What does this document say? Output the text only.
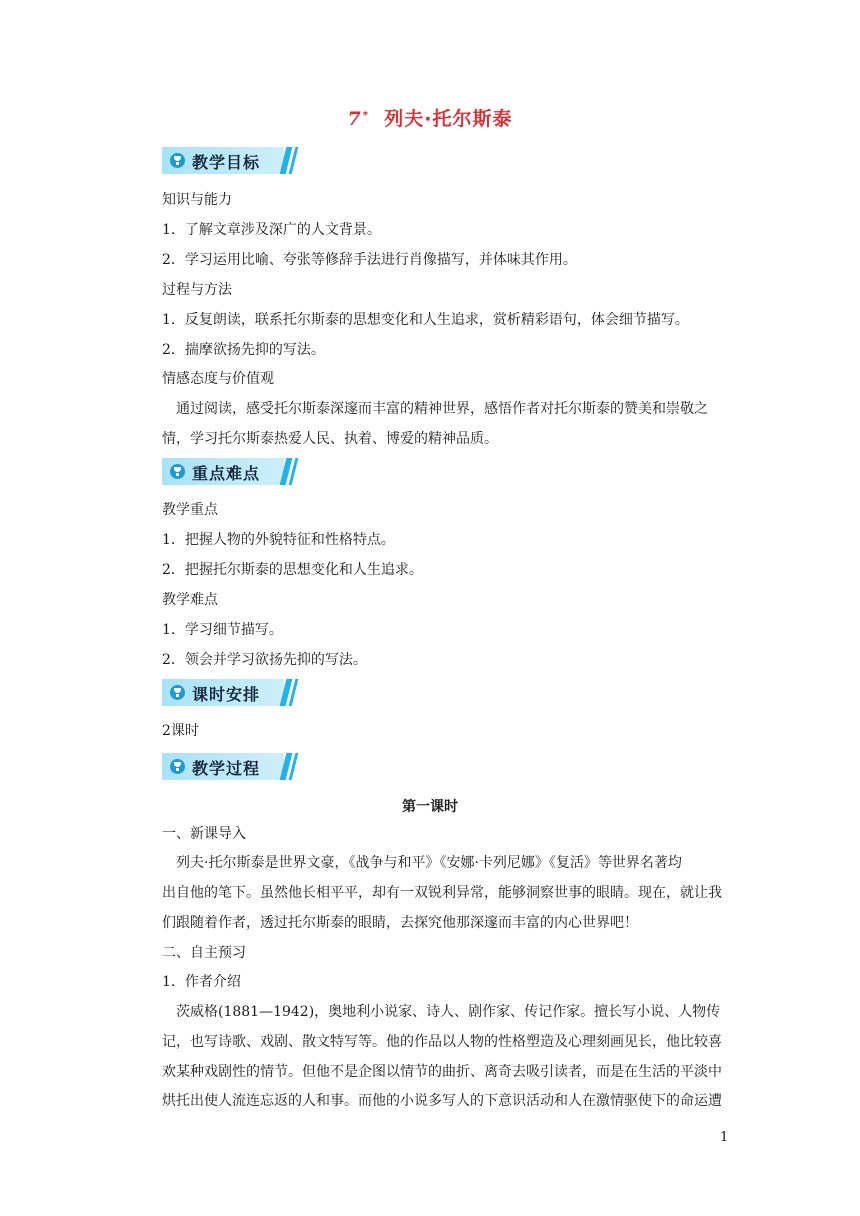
7* 列夫·托尔斯泰
教学目标
知识与能力
1．了解文章涉及深广的人文背景。
2．学习运用比喻、夸张等修辞手法进行肖像描写，并体味其作用。
过程与方法
1．反复朗读，联系托尔斯泰的思想变化和人生追求，赏析精彩语句，体会细节描写。
2．揣摩欲扬先抑的写法。
情感态度与价值观
通过阅读，感受托尔斯泰深邃而丰富的精神世界，感悟作者对托尔斯泰的赞美和崇敬之
情，学习托尔斯泰热爱人民、执着、博爱的精神品质。
重点难点
教学重点
1．把握人物的外貌特征和性格特点。
2．把握托尔斯泰的思想变化和人生追求。
教学难点
1．学习细节描写。
2．领会并学习欲扬先抑的写法。
课时安排
2课时
教学过程
第一课时
一、新课导入
列夫·托尔斯泰是世界文豪，《战争与和平》《安娜·卡列尼娜》《复活》等世界名著均
出自他的笔下。虽然他长相平平，却有一双锐利异常，能够洞察世事的眼睛。现在，就让我
们跟随着作者，透过托尔斯泰的眼睛，去探究他那深邃而丰富的内心世界吧！
二、自主预习
1．作者介绍
茨威格(1881—1942)，奥地利小说家、诗人、剧作家、传记作家。擅长写小说、人物传
记，也写诗歌、戏剧、散文特写等。他的作品以人物的性格塑造及心理刻画见长，他比较喜
欢某种戏剧性的情节。但他不是企图以情节的曲折、离奇去吸引读者，而是在生活的平淡中
烘托出使人流连忘返的人和事。而他的小说多写人的下意识活动和人在激情驱使下的命运遭
1
